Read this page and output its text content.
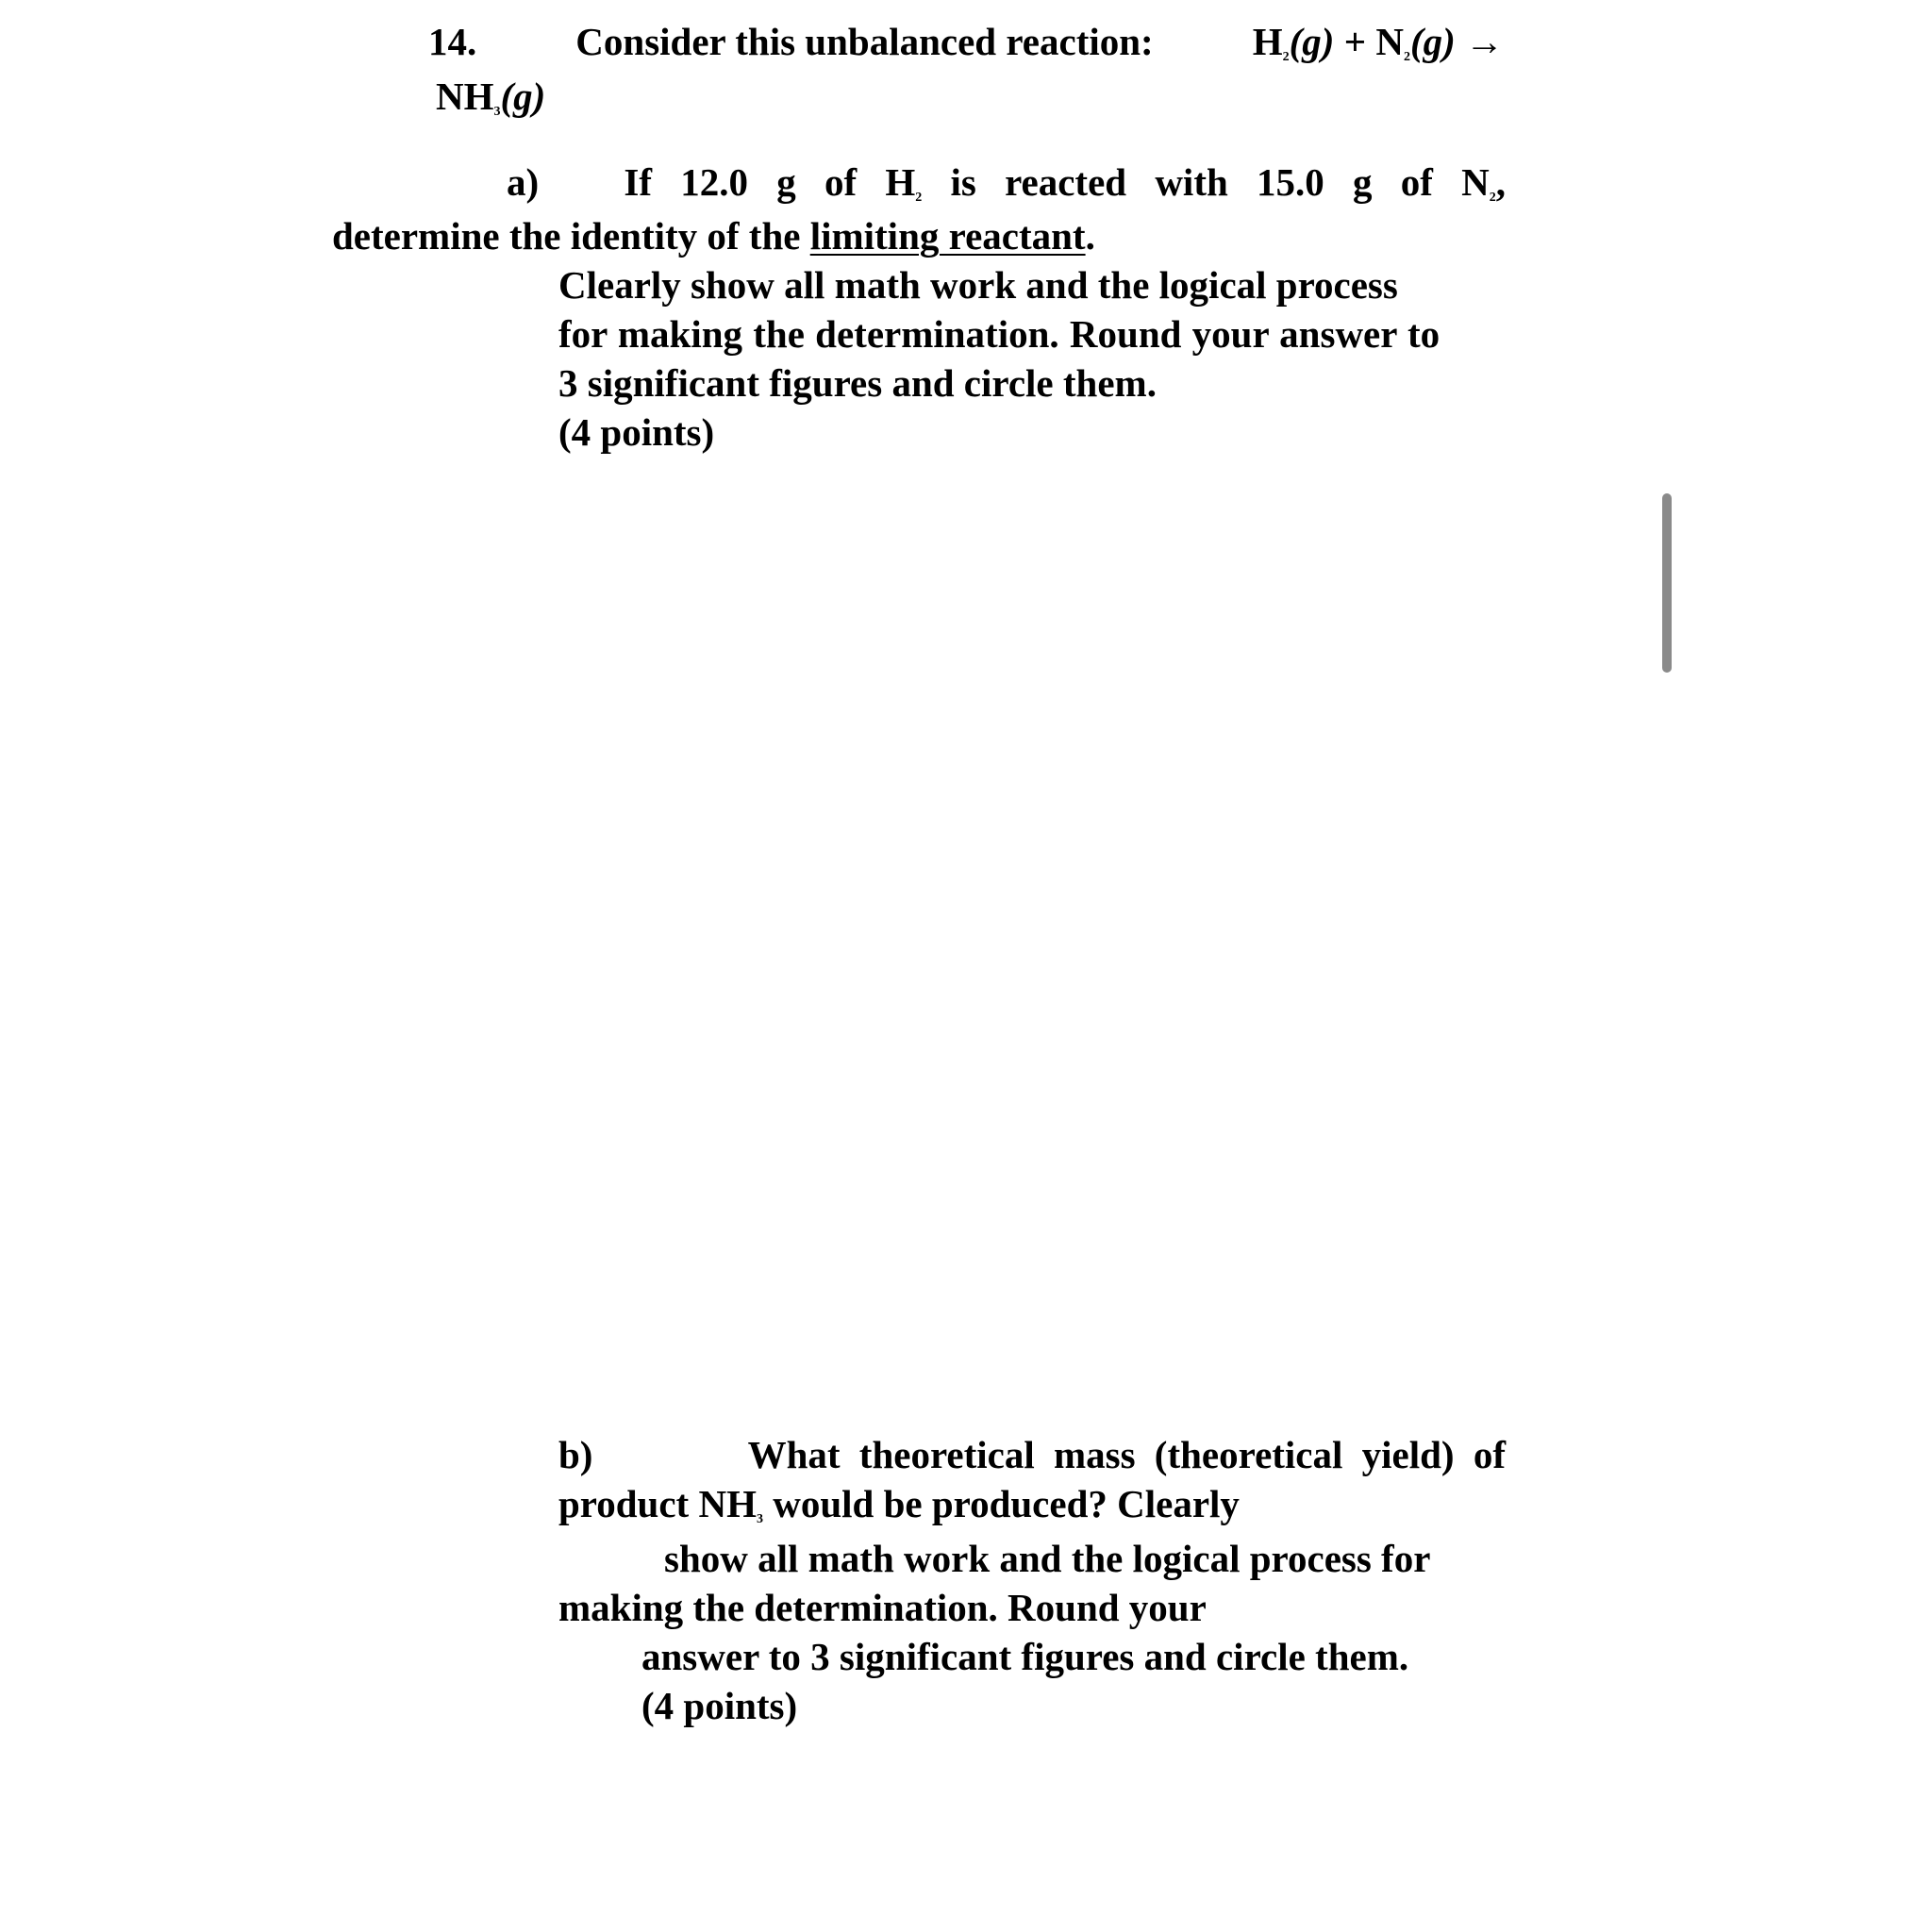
14.	Consider this unbalanced reaction:	$H_2(g) + N_2(g)$ →
$NH_3(g)$
a) If 12.0 g of $H_2$ is reacted with 15.0 g of $N_2$,
determine the identity of the limiting reactant.
Clearly show all math work and the logical process
for making the determination. Round your answer to
3 significant figures and circle them.
(4 points)
b)	What theoretical mass (theoretical yield) of
product $NH_3$ would be produced? Clearly
show all math work and the logical process for
making the determination. Round your
answer to 3 significant figures and circle them.
(4 points)
